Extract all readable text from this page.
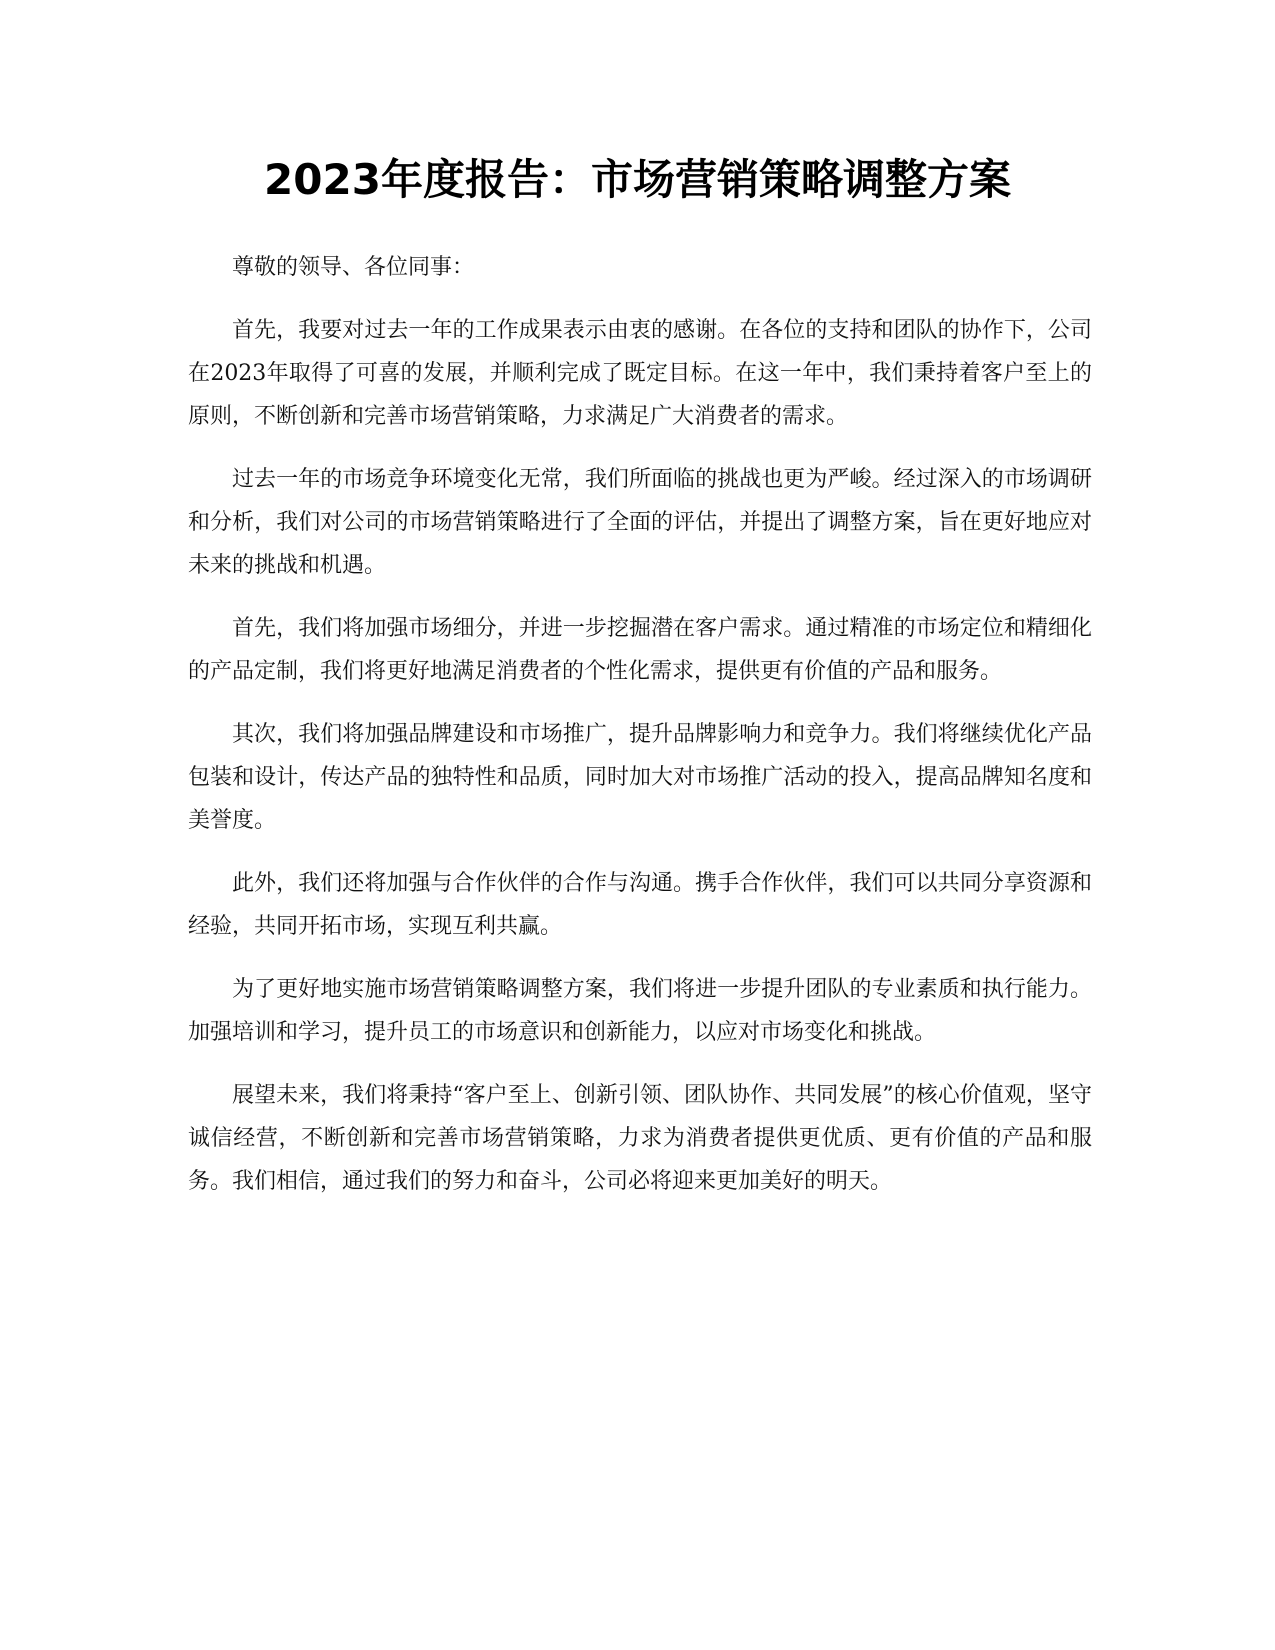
2023年度报告：市场营销策略调整方案

尊敬的领导、各位同事：

首先，我要对过去一年的工作成果表示由衷的感谢。在各位的支持和团队的协作下，公司在2023年取得了可喜的发展，并顺利完成了既定目标。在这一年中，我们秉持着客户至上的原则，不断创新和完善市场营销策略，力求满足广大消费者的需求。

过去一年的市场竞争环境变化无常，我们所面临的挑战也更为严峻。经过深入的市场调研和分析，我们对公司的市场营销策略进行了全面的评估，并提出了调整方案，旨在更好地应对未来的挑战和机遇。

首先，我们将加强市场细分，并进一步挖掘潜在客户需求。通过精准的市场定位和精细化的产品定制，我们将更好地满足消费者的个性化需求，提供更有价值的产品和服务。

其次，我们将加强品牌建设和市场推广，提升品牌影响力和竞争力。我们将继续优化产品包装和设计，传达产品的独特性和品质，同时加大对市场推广活动的投入，提高品牌知名度和美誉度。

此外，我们还将加强与合作伙伴的合作与沟通。携手合作伙伴，我们可以共同分享资源和经验，共同开拓市场，实现互利共赢。

为了更好地实施市场营销策略调整方案，我们将进一步提升团队的专业素质和执行能力。加强培训和学习，提升员工的市场意识和创新能力，以应对市场变化和挑战。

展望未来，我们将秉持“客户至上、创新引领、团队协作、共同发展”的核心价值观，坚守诚信经营，不断创新和完善市场营销策略，力求为消费者提供更优质、更有价值的产品和服务。我们相信，通过我们的努力和奋斗，公司必将迎来更加美好的明天。
